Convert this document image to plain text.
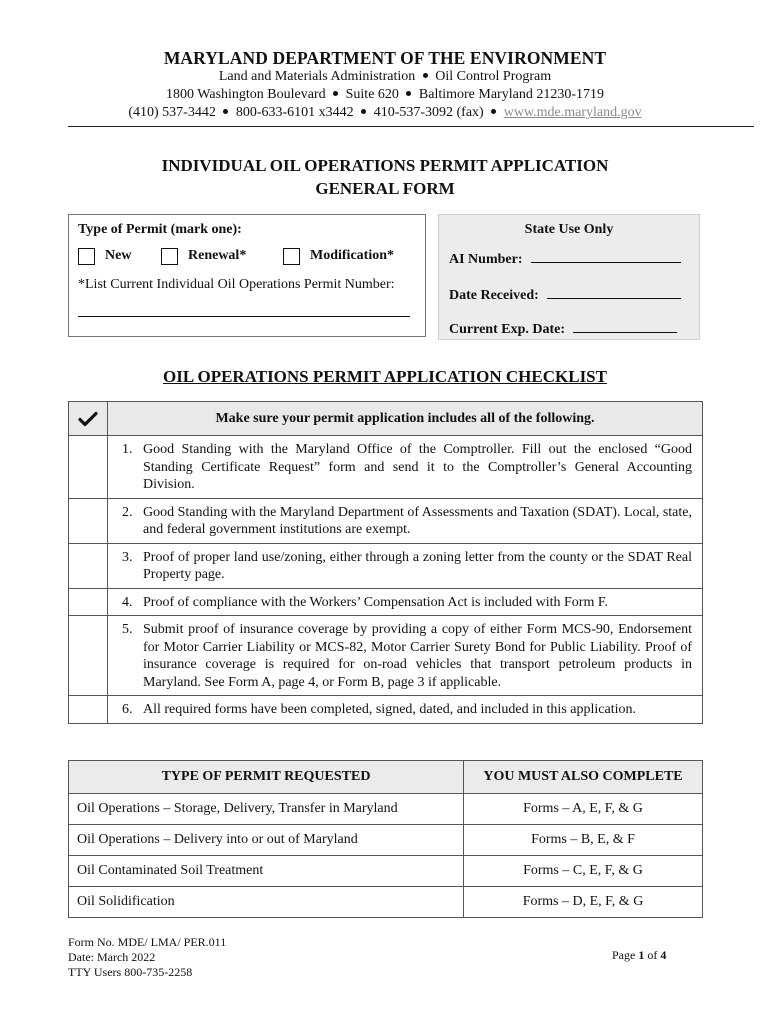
MARYLAND DEPARTMENT OF THE ENVIRONMENT
Land and Materials Administration Oil Control Program
1800 Washington Boulevard Suite 620 Baltimore Maryland 21230-1719
(410) 537-3442 800-633-6101 x3442 410-537-3092 (fax) www.mde.maryland.gov
INDIVIDUAL OIL OPERATIONS PERMIT APPLICATION
GENERAL FORM
Type of Permit (mark one):
New	Renewal*	Modification*
*List Current Individual Oil Operations Permit Number:
State Use Only
AI Number:
Date Received:
Current Exp. Date:
OIL OPERATIONS PERMIT APPLICATION CHECKLIST
Make sure your permit application includes all of the following.
1. Good Standing with the Maryland Office of the Comptroller. Fill out the enclosed “Good Standing Certificate Request” form and send it to the Comptroller’s General Accounting Division.
2. Good Standing with the Maryland Department of Assessments and Taxation (SDAT). Local, state, and federal government institutions are exempt.
3. Proof of proper land use/zoning, either through a zoning letter from the county or the SDAT Real Property page.
4. Proof of compliance with the Workers’ Compensation Act is included with Form F.
5. Submit proof of insurance coverage by providing a copy of either Form MCS-90, Endorsement for Motor Carrier Liability or MCS-82, Motor Carrier Surety Bond for Public Liability. Proof of insurance coverage is required for on-road vehicles that transport petroleum products in Maryland. See Form A, page 4, or Form B, page 3 if applicable.
6. All required forms have been completed, signed, dated, and included in this application.
TYPE OF PERMIT REQUESTED	YOU MUST ALSO COMPLETE
Oil Operations – Storage, Delivery, Transfer in Maryland	Forms – A, E, F, & G
Oil Operations – Delivery into or out of Maryland	Forms – B, E, & F
Oil Contaminated Soil Treatment	Forms – C, E, F, & G
Oil Solidification	Forms – D, E, F, & G
Form No. MDE/ LMA/ PER.011
Date: March 2022
TTY Users 800-735-2258
Page 1 of 4
